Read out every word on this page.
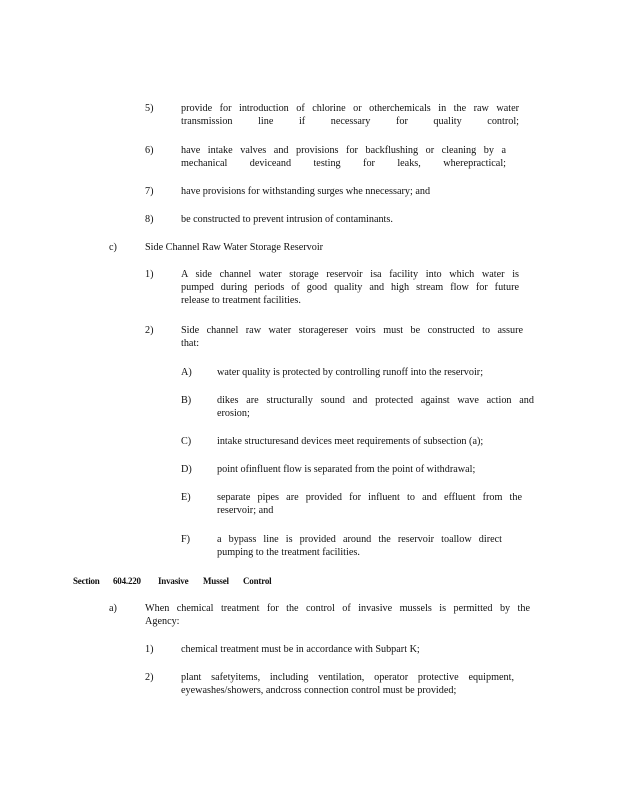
5)	provide for introduction of chlorine or otherchemicals in the raw water
transmission line if necessary for quality control;
6)	have intake valves and provisions for backflushing or cleaning by a
mechanical deviceand testing for leaks, wherepractical;
7)	have provisions for withstanding surges whe nnecessary; and
8)	be constructed to prevent intrusion of contaminants.
c)	Side Channel Raw Water Storage Reservoir
1)	A side channel water storage reservoir isa facility into which water is
pumped during periods of good quality and high stream flow for future
release to treatment facilities.
2)	Side channel raw water storagereser voirs must be constructed to assure
that:
A) water quality is protected by controlling runoff into the reservoir;
B)	dikes are structurally sound and protected against wave action and
erosion;
C)	intake structuresand devices meet requirements of subsection (a);
D) point ofinfluent flow is separated from the point of withdrawal;
E)	separate pipes are provided for influent to and effluent from the
reservoir; and
F)	a bypass line is provided around the reservoir toallow direct
pumping to the treatment facilities.
Section 604.220 Invasive Mussel Control
a)	When chemical treatment for the control of invasive mussels is permitted by the
Agency:
1)	chemical treatment must be in accordance with Subpart K;
2)	plant safetyitems, including ventilation, operator protective equipment,
eyewashes/showers, andcross connection control must be provided;
